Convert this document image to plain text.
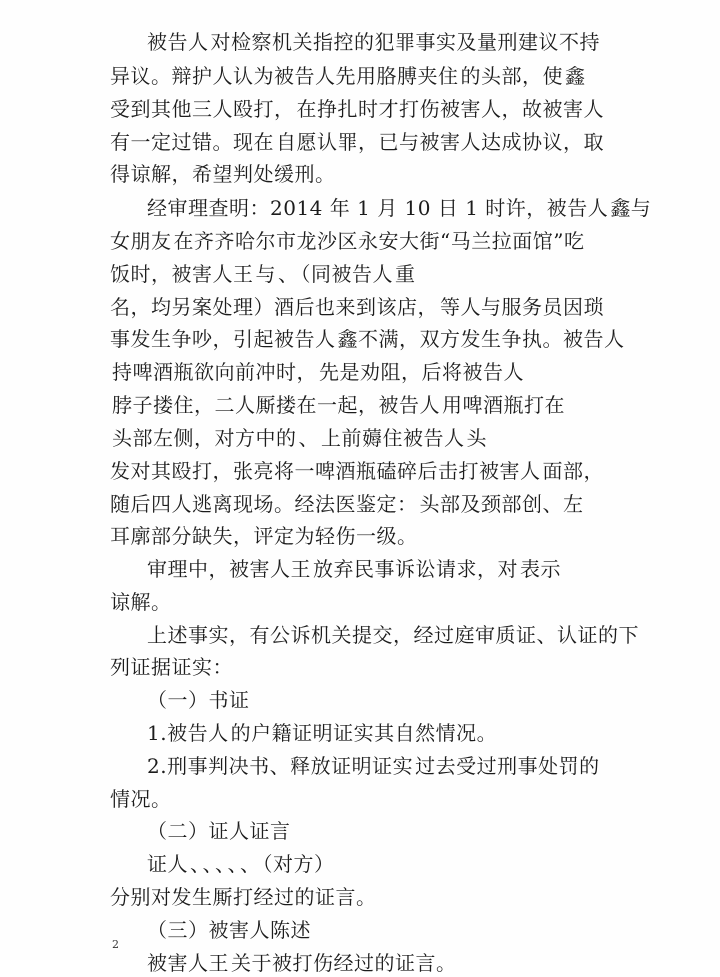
被告人 对检察机关指控的犯罪事实及量刑建议不持
异议。辩护人认为被告人先用胳膊夹住 的头部，使 鑫
受到其他三人殴打， 在挣扎时才打伤被害人，故被害人
有一定过错。现在 自愿认罪，已与被害人达成协议，取
得谅解，希望判处缓刑。
经审理查明：2014 年 1 月 10 日 1 时许，被告人 鑫与
女朋友 在齐齐哈尔市龙沙区永安大街“马兰拉面馆”吃
饭时，被害人王 与 、 （同被告人 重
名，均另案处理）酒后也来到该店， 等人与服务员因琐
事发生争吵，引起被告人 鑫不满，双方发生争执。被告人
持啤酒瓶欲向前冲时， 先是劝阻，后将被告人
脖子搂住，二人厮搂在一起，被告人 用啤酒瓶打在
头部左侧，对方中的 、 上前薅住被告人 头
发对其殴打，张亮将一啤酒瓶磕碎后击打被害人 面部，
随后四人逃离现场。经法医鉴定： 头部及颈部创、左
耳廓部分缺失，评定为轻伤一级。
审理中，被害人王 放弃民事诉讼请求，对 表示
谅解。
上述事实，有公诉机关提交，经过庭审质证、认证的下
列证据证实：
（一）书证
1.被告人 的户籍证明证实其自然情况。
2.刑事判决书、释放证明证实 过去受过刑事处罚的
情况。
（二）证人证言
证人 、 、 、 、 、 （对方）
分别对发生厮打经过的证言。
（三）被害人陈述
被害人王 关于被打伤经过的证言。
2
